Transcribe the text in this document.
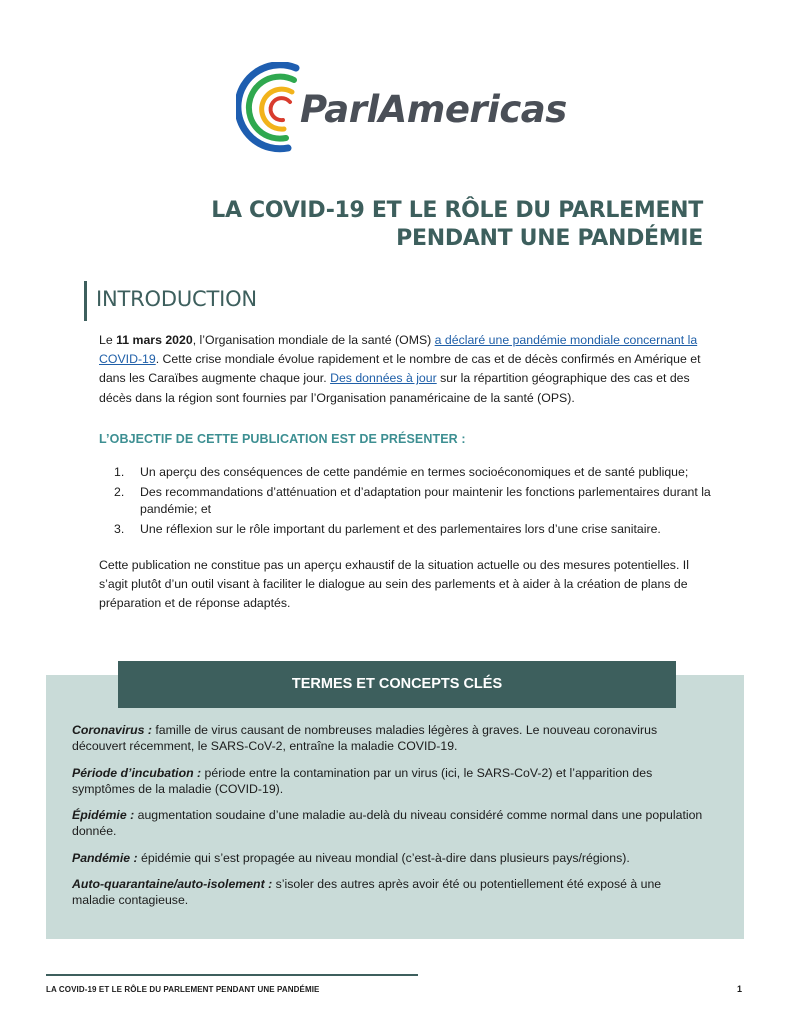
ParlAmericas
LA COVID-19 ET LE RÔLE DU PARLEMENT
PENDANT UNE PANDÉMIE
INTRODUCTION

Le 11 mars 2020, l’Organisation mondiale de la santé (OMS) a déclaré une pandémie mondiale concernant la COVID-19. Cette crise mondiale évolue rapidement et le nombre de cas et de décès confirmés en Amérique et dans les Caraïbes augmente chaque jour. Des données à jour sur la répartition géographique des cas et des décès dans la région sont fournies par l’Organisation panaméricaine de la santé (OPS).

L’OBJECTIF DE CETTE PUBLICATION EST DE PRÉSENTER :
1. Un aperçu des conséquences de cette pandémie en termes socioéconomiques et de santé publique;
2. Des recommandations d’atténuation et d’adaptation pour maintenir les fonctions parlementaires durant la pandémie; et
3. Une réflexion sur le rôle important du parlement et des parlementaires lors d’une crise sanitaire.

Cette publication ne constitue pas un aperçu exhaustif de la situation actuelle ou des mesures potentielles. Il s’agit plutôt d’un outil visant à faciliter le dialogue au sein des parlements et à aider à la création de plans de préparation et de réponse adaptés.

TERMES ET CONCEPTS CLÉS

Coronavirus : famille de virus causant de nombreuses maladies légères à graves. Le nouveau coronavirus découvert récemment, le SARS-CoV-2, entraîne la maladie COVID-19.

Période d’incubation : période entre la contamination par un virus (ici, le SARS-CoV-2) et l’apparition des symptômes de la maladie (COVID-19).

Épidémie : augmentation soudaine d’une maladie au-delà du niveau considéré comme normal dans une population donnée.

Pandémie : épidémie qui s’est propagée au niveau mondial (c’est-à-dire dans plusieurs pays/régions).

Auto-quarantaine/auto-isolement : s’isoler des autres après avoir été ou potentiellement été exposé à une maladie contagieuse.

LA COVID-19 ET LE RÔLE DU PARLEMENT PENDANT UNE PANDÉMIE	1
